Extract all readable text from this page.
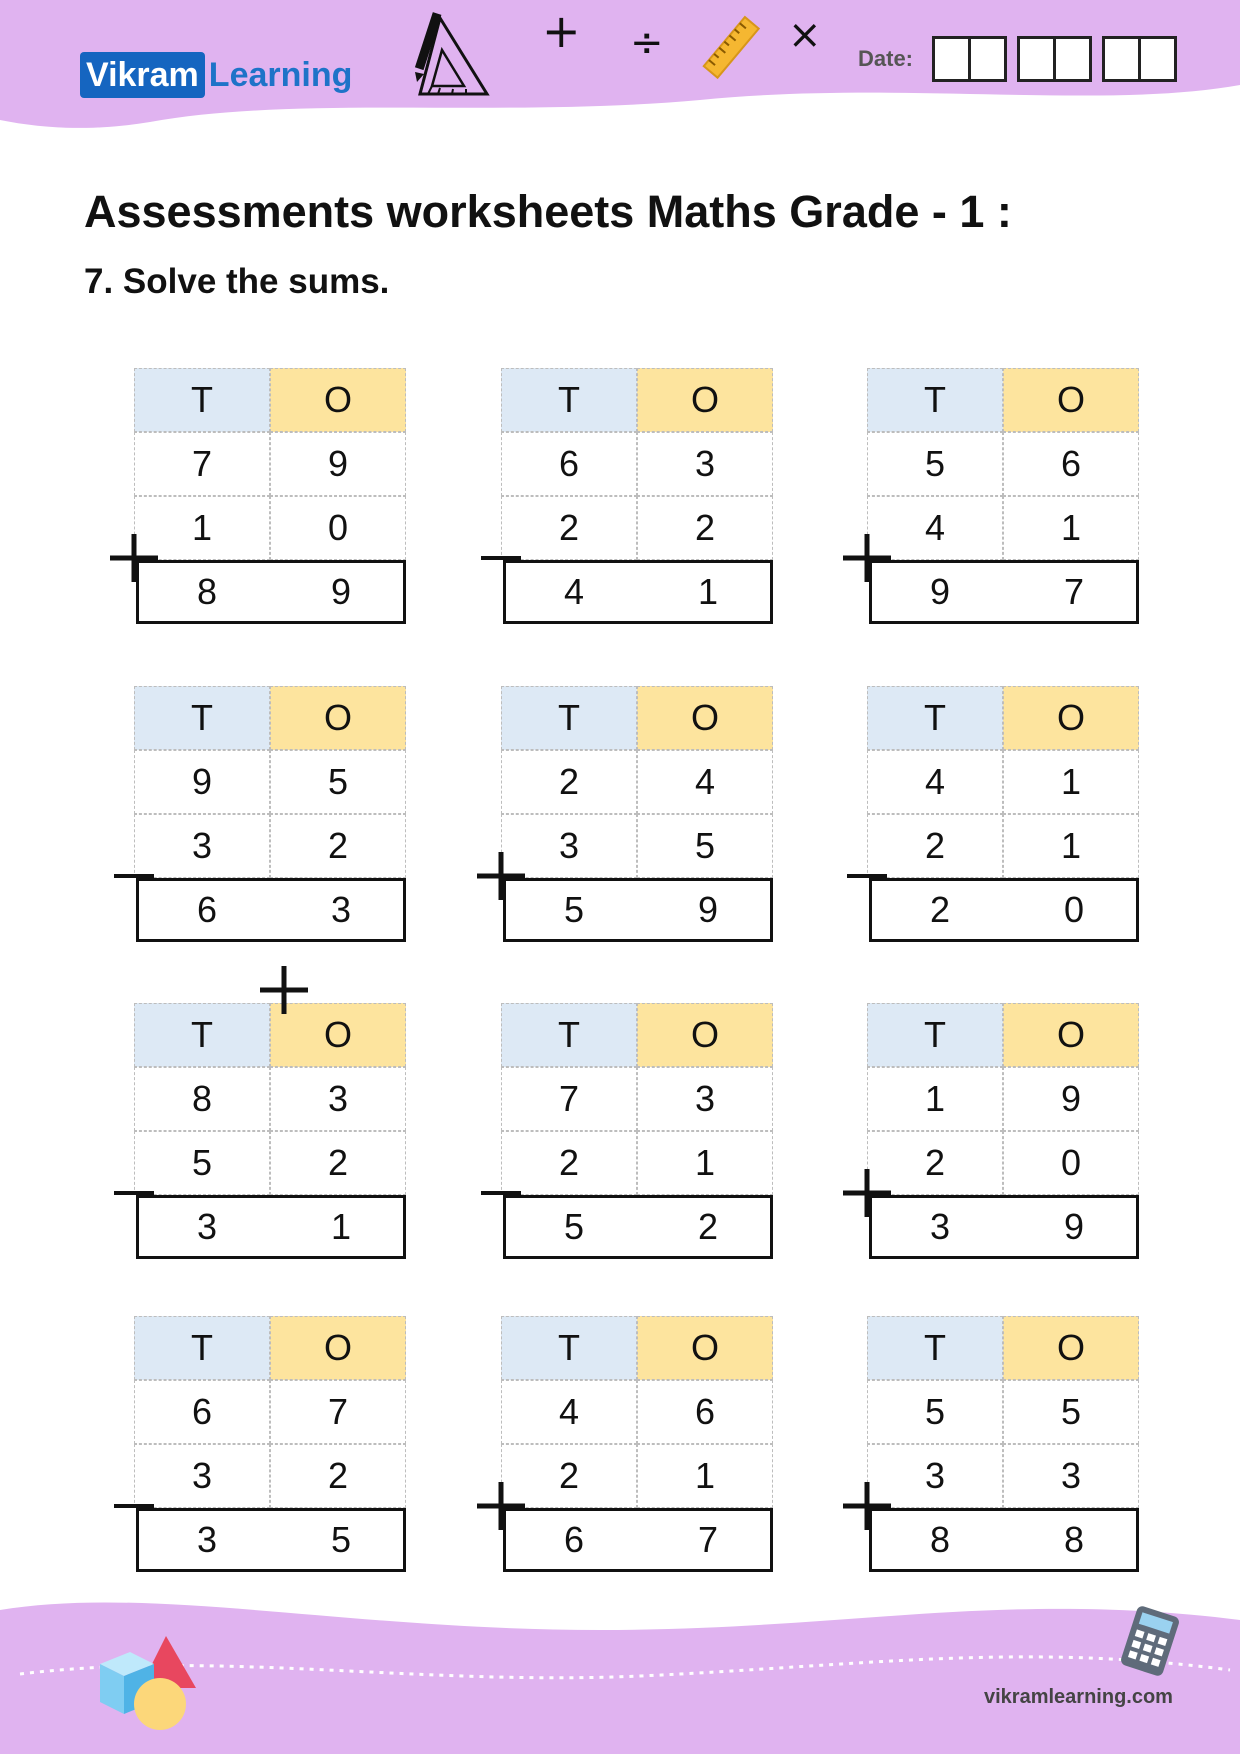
Vikram Learning
+ ÷	×
Date:
Assessments worksheets Maths Grade - 1 :
7. Solve the sums.
T	O
7	9
1	0
8	9
T	O
6	3
2	2
4	1
T	O
5	6
4	1
9	7
T	O
9	5
3	2
6	3
T	O
2	4
3	5
5	9
T	O
4	1
2	1
2	0
T	O
8	3
5	2
3	1
T	O
7	3
2	1
5	2
T	O
1	9
2	0
3	9
T	O
6	7
3	2
3	5
T	O
4	6
2	1
6	7
T	O
5	5
3	3
8	8
vikramlearning.com
